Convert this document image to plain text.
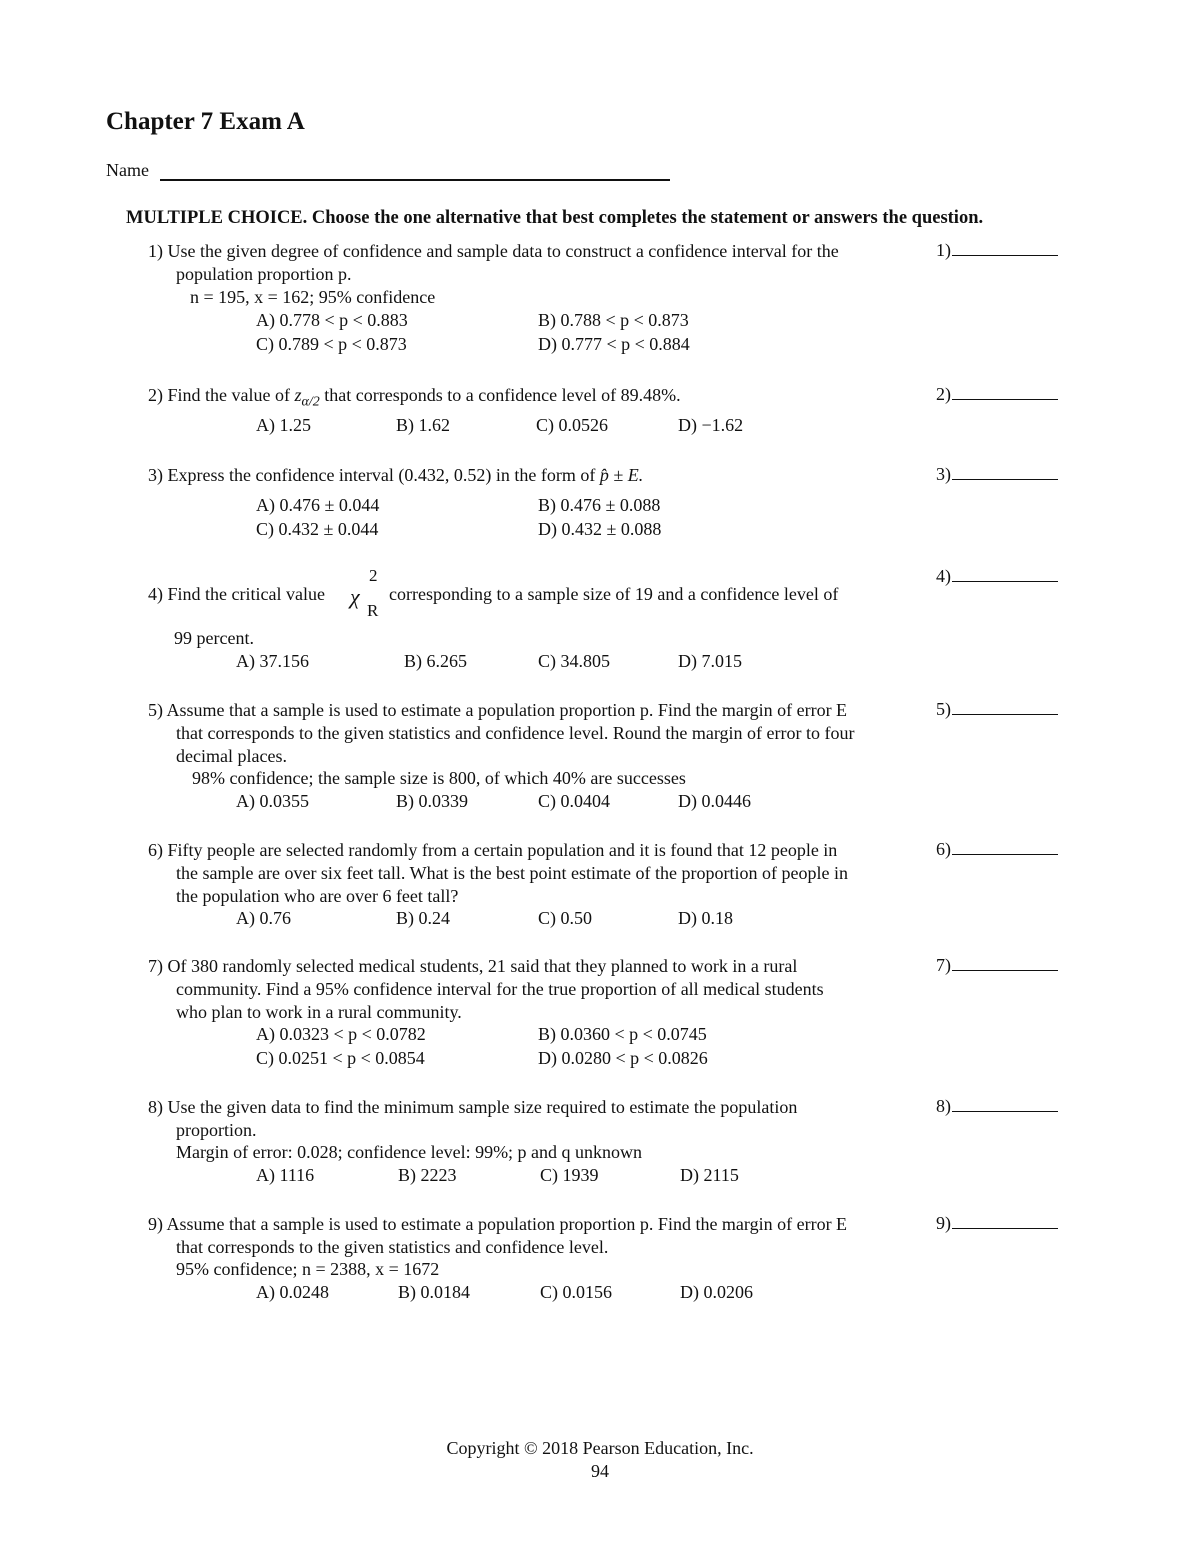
Chapter 7 Exam A
Name
MULTIPLE CHOICE. Choose the one alternative that best completes the statement or answers the question.
1) Use the given degree of confidence and sample data to construct a confidence interval for the
population proportion p.
n = 195, x = 162; 95% confidence
A) 0.778 < p < 0.883	B) 0.788 < p < 0.873
C) 0.789 < p < 0.873	D) 0.777 < p < 0.884
1)
2) Find the value of $z_{\alpha/2}$ that corresponds to a confidence level of 89.48%.
A) 1.25	B) 1.62	C) 0.0526	D) −1.62
2)
3) Express the confidence interval (0.432, 0.52) in the form of p̂ ± E.
A) 0.476 ± 0.044	B) 0.476 ± 0.088
C) 0.432 ± 0.044	D) 0.432 ± 0.088
3)
4) Find the critical value χ
2
R
corresponding to a sample size of 19 and a confidence level of
99 percent.
A) 37.156	B) 6.265	C) 34.805	D) 7.015
4)
5) Assume that a sample is used to estimate a population proportion p. Find the margin of error E
that corresponds to the given statistics and confidence level. Round the margin of error to four
decimal places.
98% confidence; the sample size is 800, of which 40% are successes
A) 0.0355	B) 0.0339	C) 0.0404	D) 0.0446
5)
6) Fifty people are selected randomly from a certain population and it is found that 12 people in
the sample are over six feet tall. What is the best point estimate of the proportion of people in
the population who are over 6 feet tall?
A) 0.76	B) 0.24	C) 0.50	D) 0.18
6)
7) Of 380 randomly selected medical students, 21 said that they planned to work in a rural
community. Find a 95% confidence interval for the true proportion of all medical students
who plan to work in a rural community.
A) 0.0323 < p < 0.0782	B) 0.0360 < p < 0.0745
C) 0.0251 < p < 0.0854	D) 0.0280 < p < 0.0826
7)
8) Use the given data to find the minimum sample size required to estimate the population
proportion.
Margin of error: 0.028; confidence level: 99%; p and q unknown
A) 1116	B) 2223	C) 1939	D) 2115
8)
9) Assume that a sample is used to estimate a population proportion p. Find the margin of error E
that corresponds to the given statistics and confidence level.
95% confidence; n = 2388, x = 1672
A) 0.0248	B) 0.0184	C) 0.0156	D) 0.0206
9)
Copyright © 2018 Pearson Education, Inc.
94
